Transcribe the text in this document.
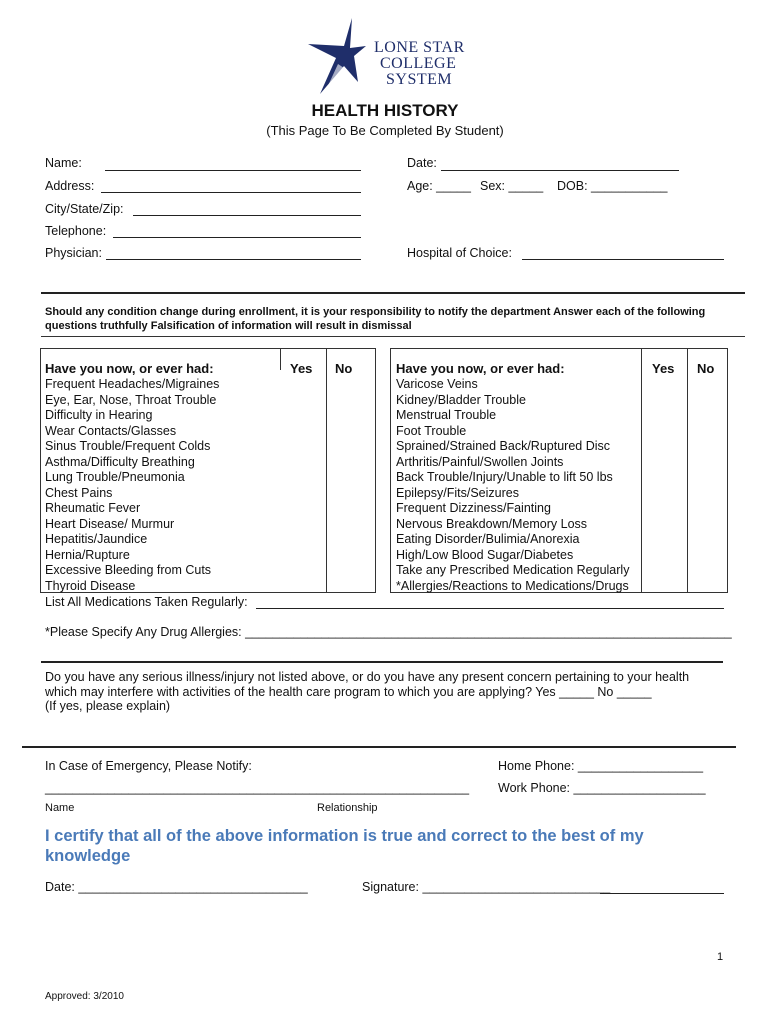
LONE STAR
COLLEGE
SYSTEM
HEALTH HISTORY
(This Page To Be Completed By Student)
Name:	Date:
Address:	Age: _____ Sex: _____ DOB: ___________
City/State/Zip:
Telephone:
Physician:	Hospital of Choice:
Should any condition change during enrollment, it is your responsibility to notify the department Answer each of the following questions truthfully Falsification of information will result in dismissal
Have you now, or ever had:	Yes No	Have you now, or ever had:	Yes No
Frequent Headaches/Migraines
Eye, Ear, Nose, Throat Trouble
Difficulty in Hearing
Wear Contacts/Glasses
Sinus Trouble/Frequent Colds
Asthma/Difficulty Breathing
Lung Trouble/Pneumonia
Chest Pains
Rheumatic Fever
Heart Disease/ Murmur
Hepatitis/Jaundice
Hernia/Rupture
Excessive Bleeding from Cuts
Thyroid Disease
Varicose Veins
Kidney/Bladder Trouble
Menstrual Trouble
Foot Trouble
Sprained/Strained Back/Ruptured Disc
Arthritis/Painful/Swollen Joints
Back Trouble/Injury/Unable to lift 50 lbs
Epilepsy/Fits/Seizures
Frequent Dizziness/Fainting
Nervous Breakdown/Memory Loss
Eating Disorder/Bulimia/Anorexia
High/Low Blood Sugar/Diabetes
Take any Prescribed Medication Regularly
*Allergies/Reactions to Medications/Drugs
List All Medications Taken Regularly:
*Please Specify Any Drug Allergies: ______________________________________________________________________
Do you have any serious illness/injury not listed above, or do you have any present concern pertaining to your health
which may interfere with activities of the health care program to which you are applying? Yes _____ No _____
(If yes, please explain)
In Case of Emergency, Please Notify:	Home Phone: __________________
_____________________________________________________________ Work Phone: ___________________
Name	Relationship
I certify that all of the above information is true and correct to the best of my knowledge
Date: _________________________________	Signature: ___________________________
1
Approved: 3/2010
